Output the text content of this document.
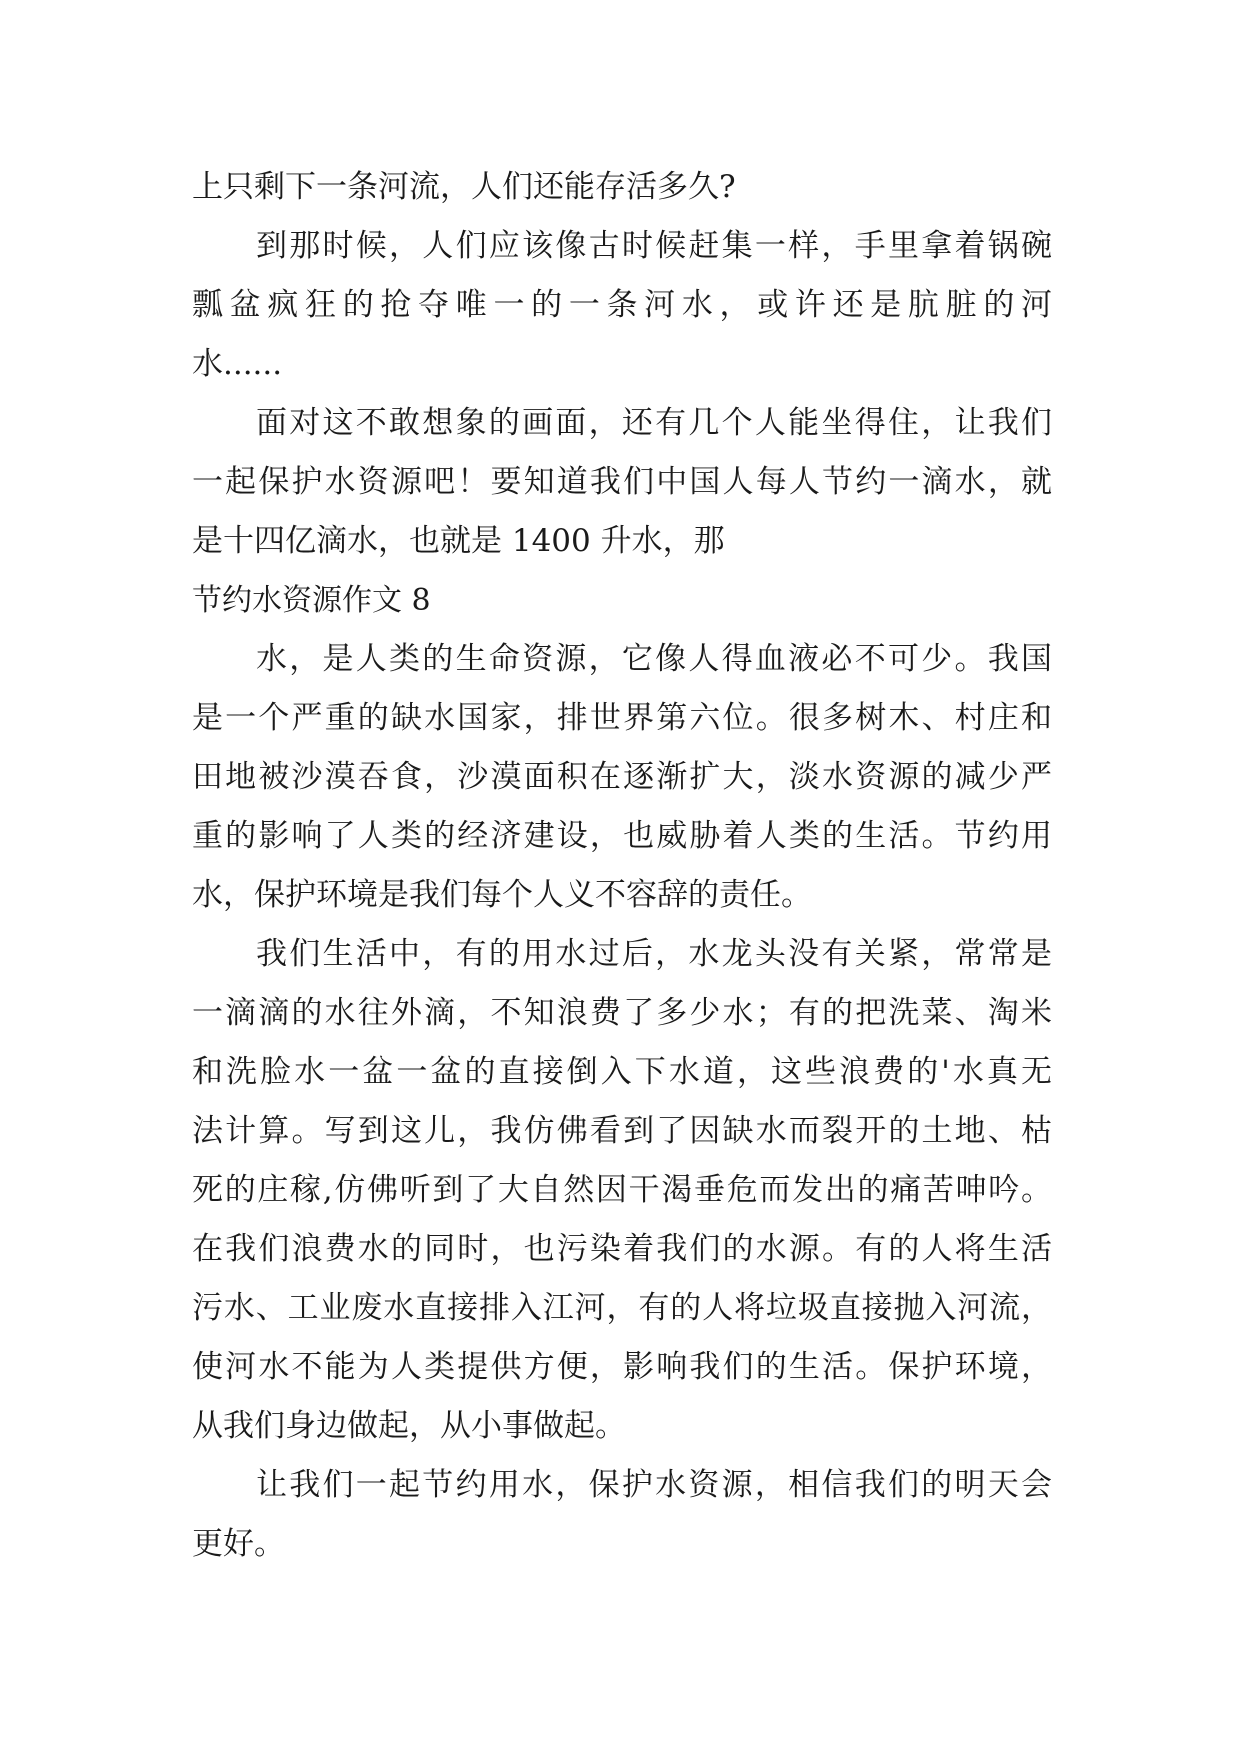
上只剩下一条河流，人们还能存活多久?
到那时候，人们应该像古时候赶集一样，手里拿着锅碗
瓢盆疯狂的抢夺唯一的一条河水，或许还是肮脏的河
水......
面对这不敢想象的画面，还有几个人能坐得住，让我们
一起保护水资源吧！要知道我们中国人每人节约一滴水，就
是十四亿滴水，也就是 1400 升水，那
节约水资源作文 8
水，是人类的生命资源，它像人得血液必不可少。我国
是一个严重的缺水国家，排世界第六位。很多树木、村庄和
田地被沙漠吞食，沙漠面积在逐渐扩大，淡水资源的减少严
重的影响了人类的经济建设，也威胁着人类的生活。节约用
水，保护环境是我们每个人义不容辞的责任。
我们生活中，有的用水过后，水龙头没有关紧，常常是
一滴滴的水往外滴，不知浪费了多少水；有的把洗菜、淘米
和洗脸水一盆一盆的直接倒入下水道，这些浪费的'水真无
法计算。写到这儿，我仿佛看到了因缺水而裂开的土地、枯
死的庄稼,仿佛听到了大自然因干渴垂危而发出的痛苦呻吟。
在我们浪费水的同时，也污染着我们的水源。有的人将生活
污水、工业废水直接排入江河，有的人将垃圾直接抛入河流，
使河水不能为人类提供方便，影响我们的生活。保护环境，
从我们身边做起，从小事做起。
让我们一起节约用水，保护水资源，相信我们的明天会
更好。
